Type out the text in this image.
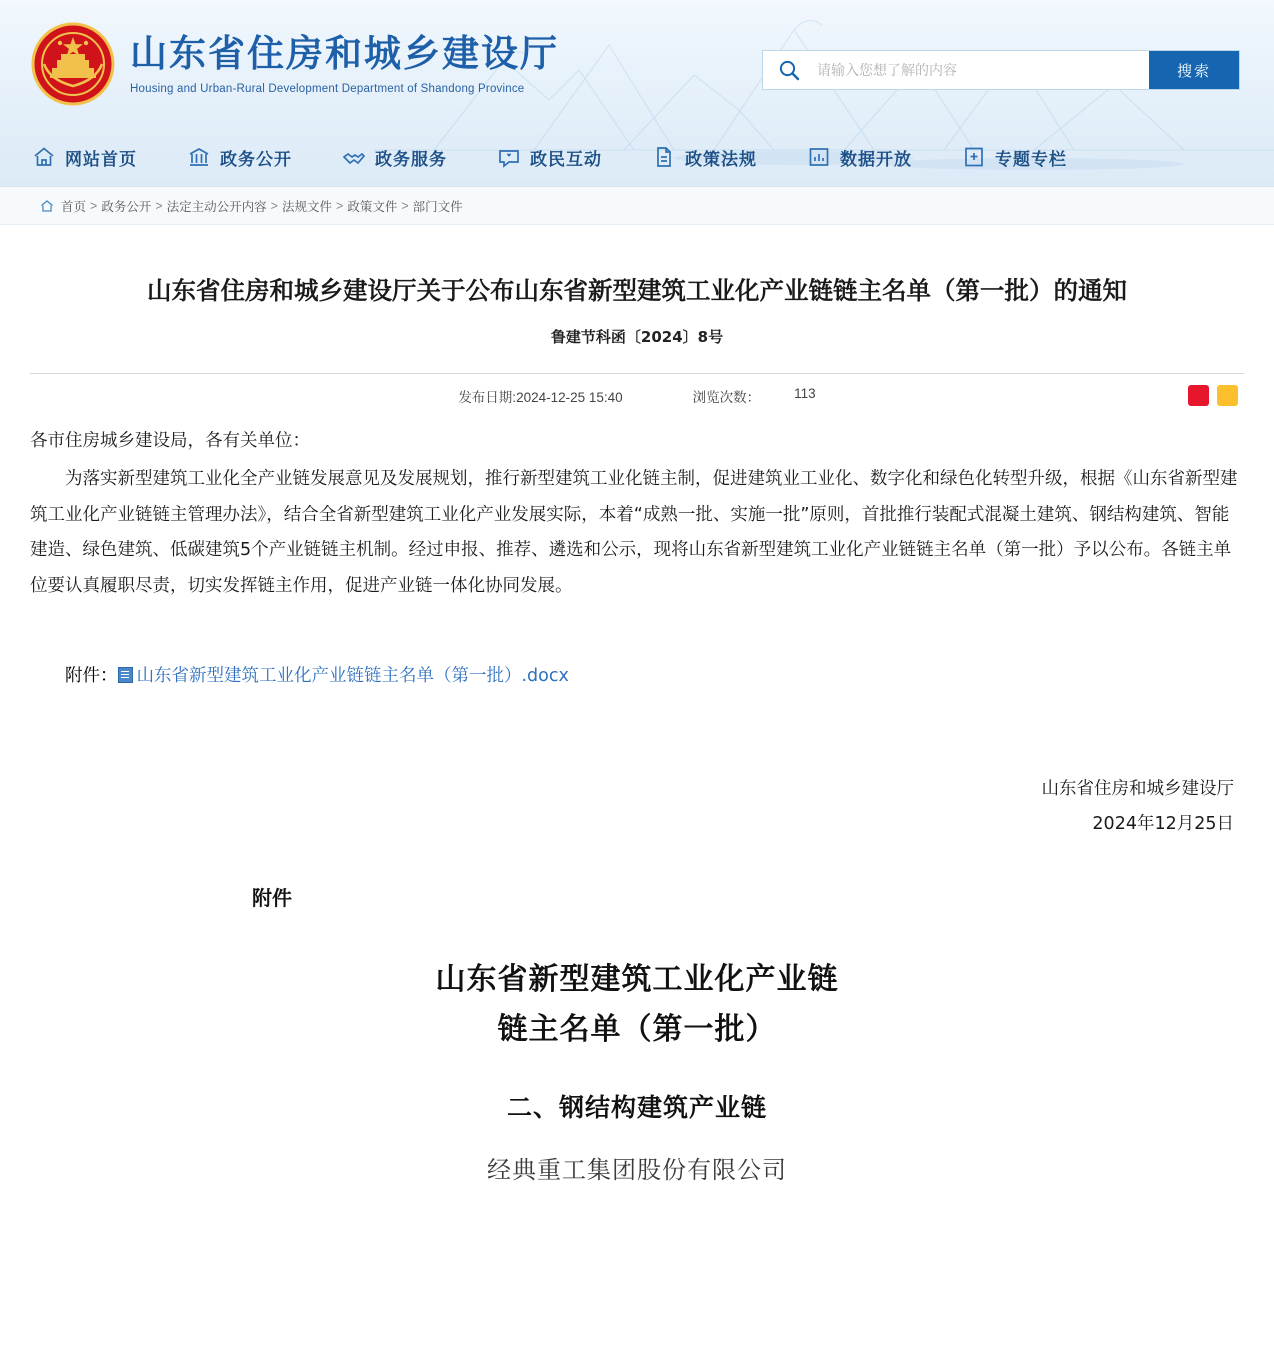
山东省住房和城乡建设厅
Housing and Urban-Rural Development Department of Shandong Province
请输入您想了解的内容
搜索
网站首页	政务公开	政务服务	政民互动	政策法规	数据开放	专题专栏
首页 > 政务公开 > 法定主动公开内容 > 法规文件 > 政策文件 > 部门文件
山东省住房和城乡建设厅关于公布山东省新型建筑工业化产业链链主名单（第一批）的通知
鲁建节科函〔2024〕8号
发布日期:2024-12-25 15:40	浏览次数：	113

各市住房城乡建设局，各有关单位：

为落实新型建筑工业化全产业链发展意见及发展规划，推行新型建筑工业化链主制，促进建筑业工业化、数字化和绿色化转型升级，根据《山东省新型建筑工业化产业链链主管理办法》，结合全省新型建筑工业化产业发展实际，本着“成熟一批、实施一批”原则，首批推行装配式混凝土建筑、钢结构建筑、智能建造、绿色建筑、低碳建筑5个产业链链主机制。经过申报、推荐、遴选和公示，现将山东省新型建筑工业化产业链链主名单（第一批）予以公布。各链主单位要认真履职尽责，切实发挥链主作用，促进产业链一体化协同发展。

附件： 山东省新型建筑工业化产业链链主名单（第一批）.docx
山东省住房和城乡建设厅
2024年12月25日
附件
山东省新型建筑工业化产业链
链主名单（第一批）
二、钢结构建筑产业链
经典重工集团股份有限公司
